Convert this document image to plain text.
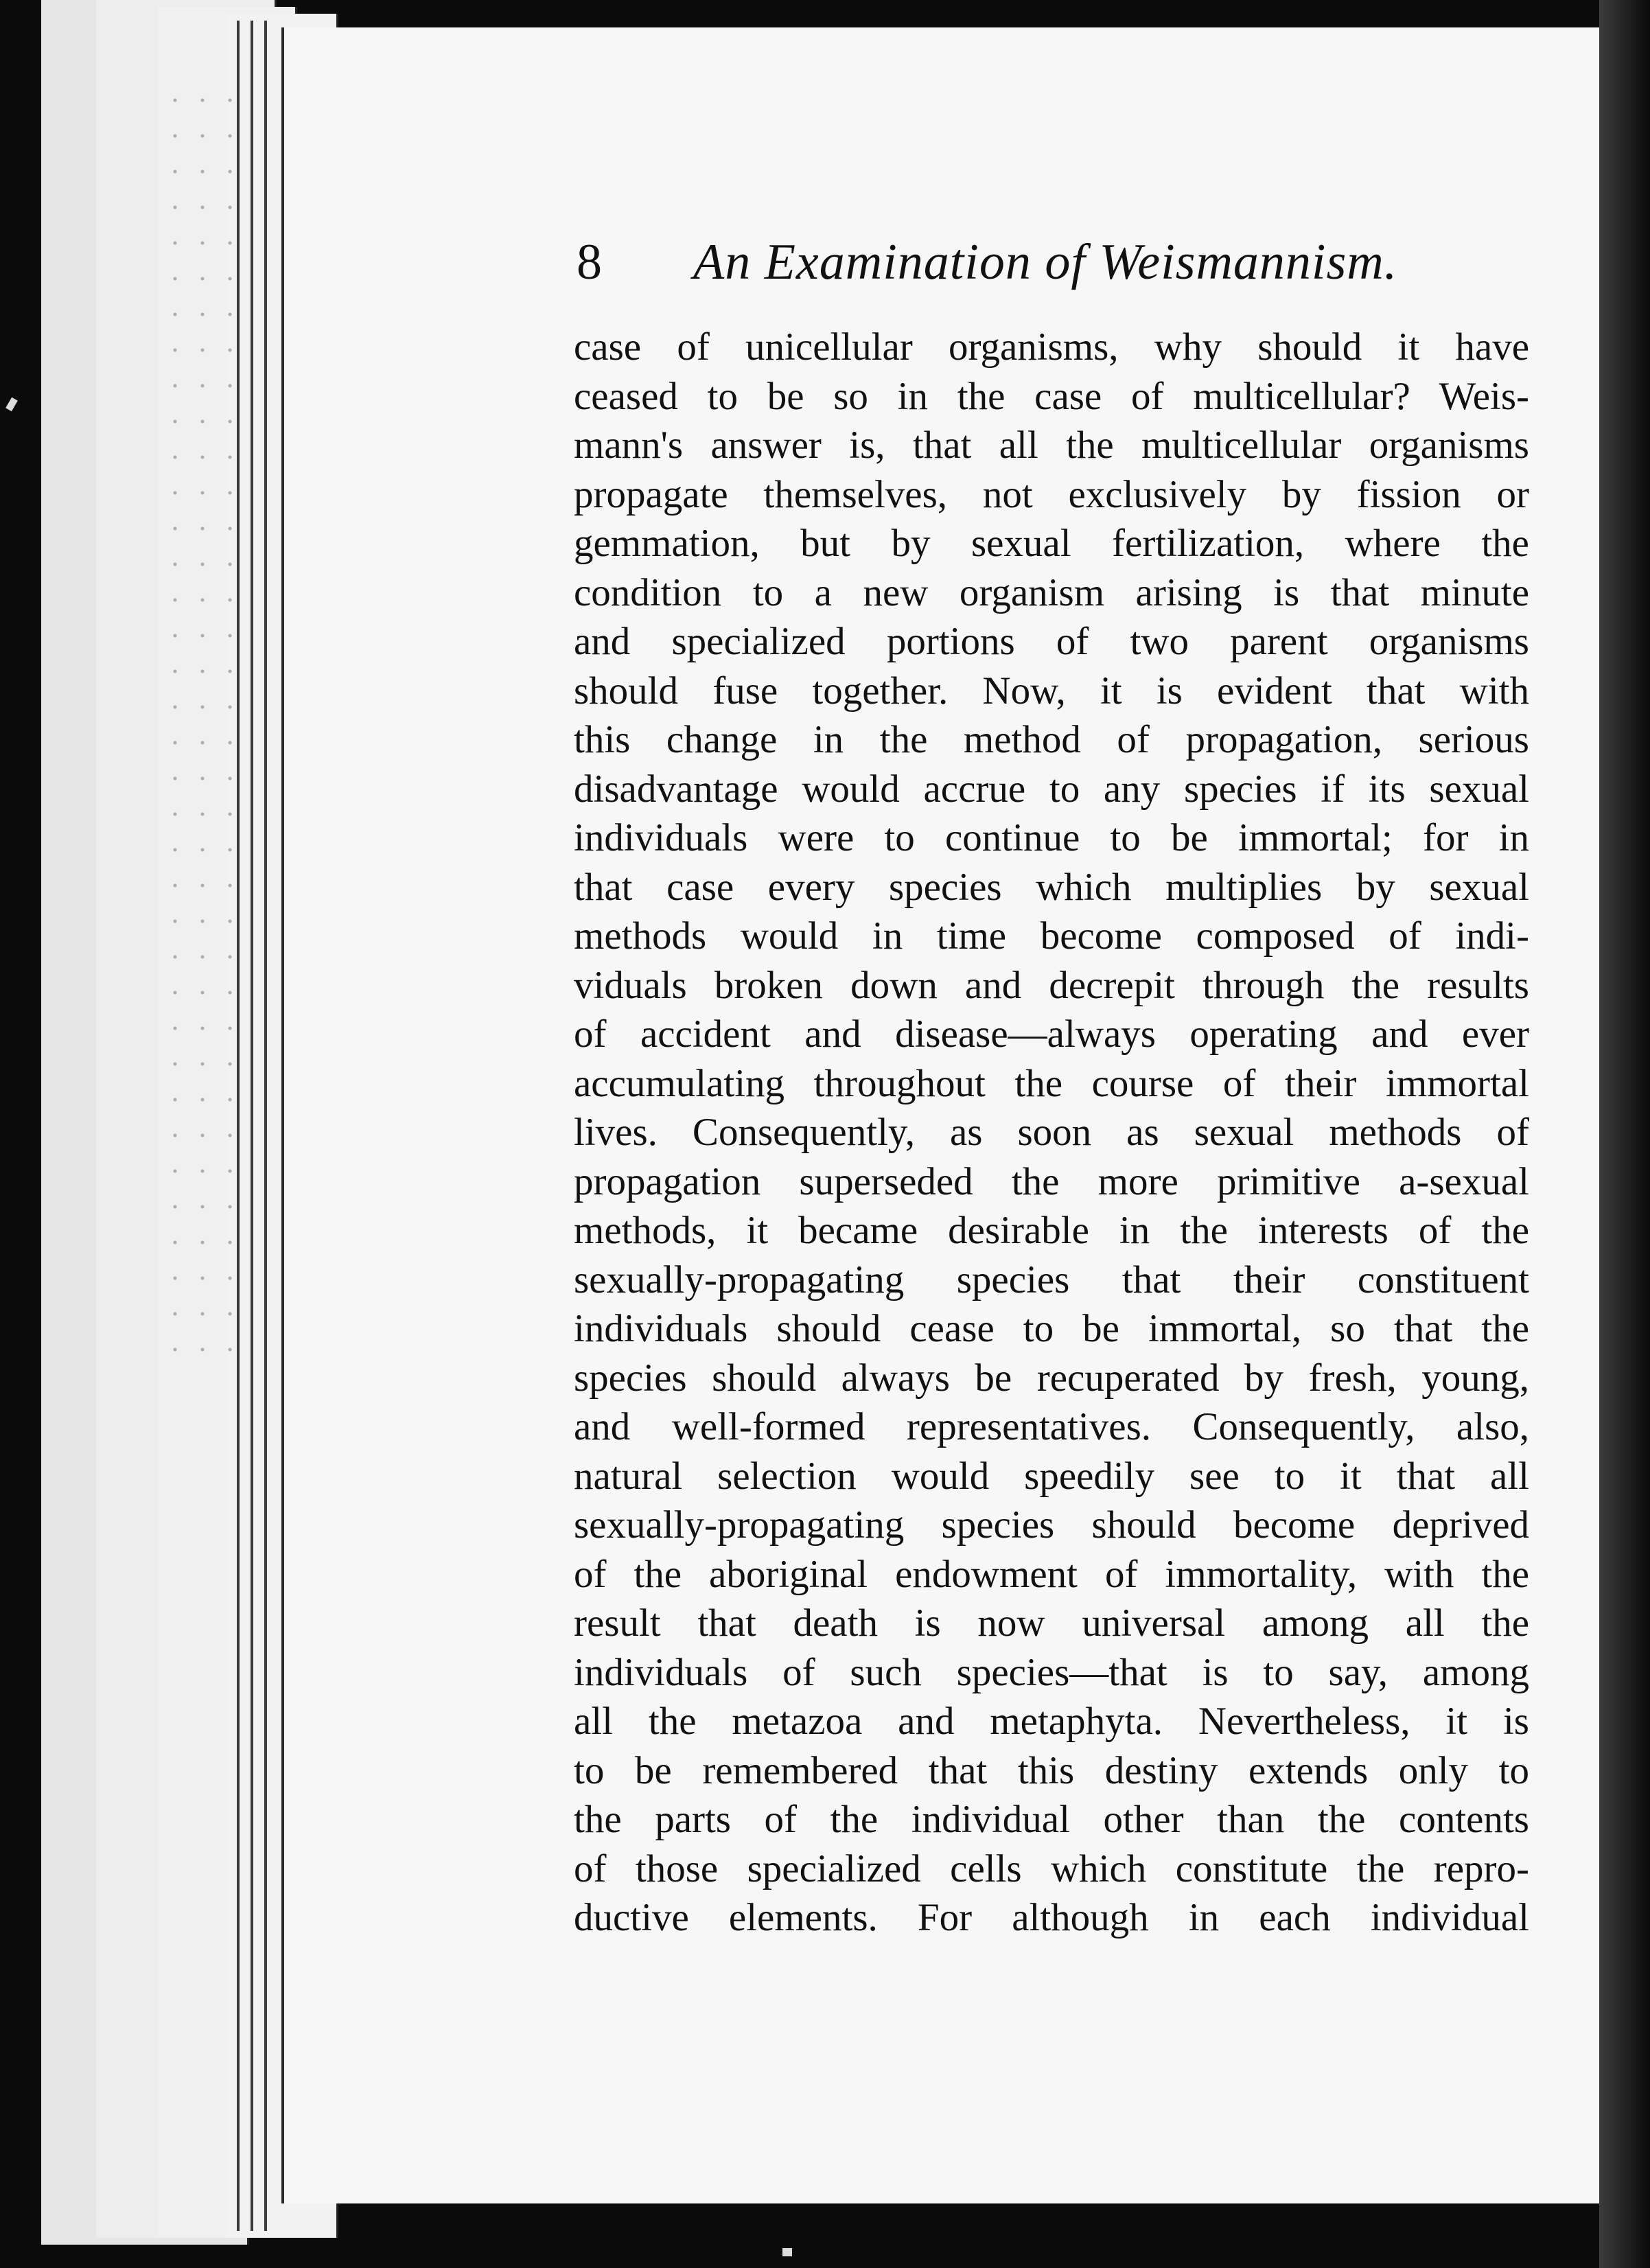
8 An Examination of Weismannism.
case of unicellular organisms, why should it have
ceased to be so in the case of multicellular? Weis-
mann's answer is, that all the multicellular organisms
propagate themselves, not exclusively by fission or
gemmation, but by sexual fertilization, where the
condition to a new organism arising is that minute
and specialized portions of two parent organisms
should fuse together. Now, it is evident that with
this change in the method of propagation, serious
disadvantage would accrue to any species if its sexual
individuals were to continue to be immortal; for in
that case every species which multiplies by sexual
methods would in time become composed of indi-
viduals broken down and decrepit through the results
of accident and disease—always operating and ever
accumulating throughout the course of their immortal
lives. Consequently, as soon as sexual methods of
propagation superseded the more primitive a-sexual
methods, it became desirable in the interests of the
sexually-propagating species that their constituent
individuals should cease to be immortal, so that the
species should always be recuperated by fresh, young,
and well-formed representatives. Consequently, also,
natural selection would speedily see to it that all
sexually-propagating species should become deprived
of the aboriginal endowment of immortality, with the
result that death is now universal among all the
individuals of such species—that is to say, among
all the metazoa and metaphyta. Nevertheless, it is
to be remembered that this destiny extends only to
the parts of the individual other than the contents
of those specialized cells which constitute the repro-
ductive elements. For although in each individual
